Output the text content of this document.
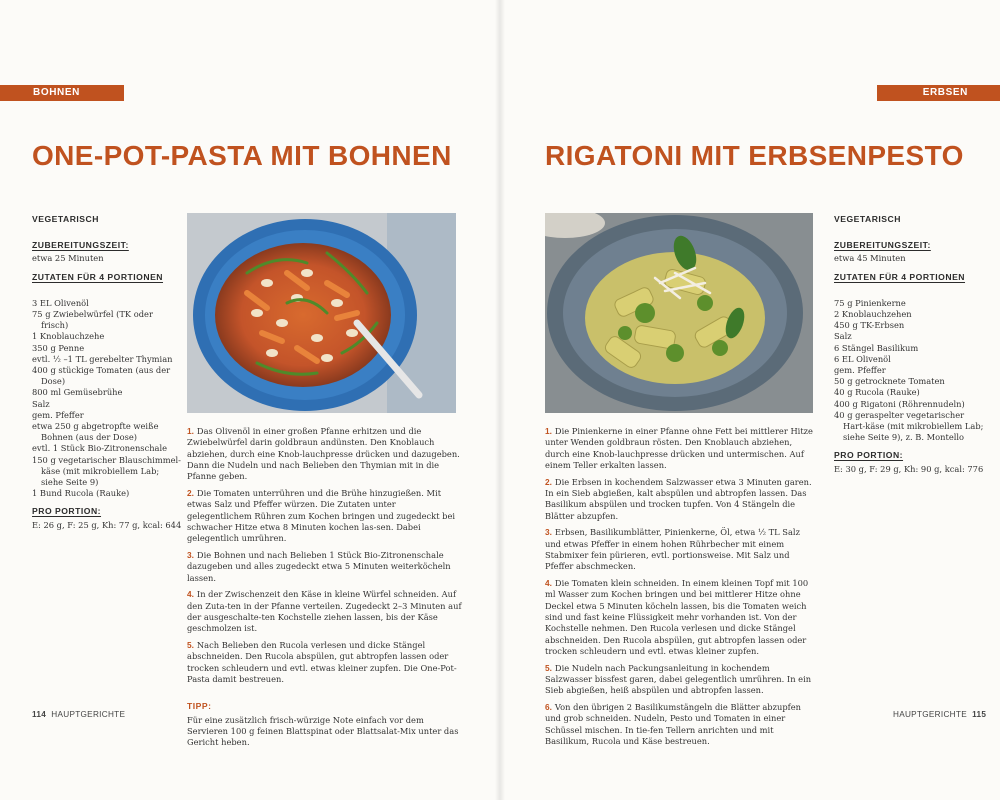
BOHNEN
ONE-POT-PASTA MIT BOHNEN
VEGETARISCH
ZUBEREITUNGSZEIT:
etwa 25 Minuten
ZUTATEN FÜR 4 PORTIONEN
3 EL Olivenöl
75 g Zwiebelwürfel (TK oder frisch)
1 Knoblauchzehe
350 g Penne
evtl. ½ –1 TL gerebelter Thymian
400 g stückige Tomaten (aus der Dose)
800 ml Gemüsebrühe
Salz
gem. Pfeffer
etwa 250 g abgetropfte weiße Bohnen (aus der Dose)
evtl. 1 Stück Bio-Zitronenschale
150 g vegetarischer Blauschimmel-käse (mit mikrobiellem Lab; siehe Seite 9)
1 Bund Rucola (Rauke)
PRO PORTION:
E: 26 g, F: 25 g, Kh: 77 g, kcal: 644

1. Das Olivenöl in einer großen Pfanne erhitzen und die Zwiebelwürfel darin goldbraun andünsten. Den Knoblauch abziehen, durch eine Knob-lauchpresse drücken und dazugeben. Dann die Nudeln und nach Belieben den Thymian mit in die Pfanne geben.

2. Die Tomaten unterrühren und die Brühe hinzugießen. Mit etwas Salz und Pfeffer würzen. Die Zutaten unter gelegentlichem Rühren zum Kochen bringen und zugedeckt bei schwacher Hitze etwa 8 Minuten kochen las-sen. Dabei gelegentlich umrühren.

3. Die Bohnen und nach Belieben 1 Stück Bio-Zitronenschale dazugeben und alles zugedeckt etwa 5 Minuten weiterköcheln lassen.

4. In der Zwischenzeit den Käse in kleine Würfel schneiden. Auf den Zuta-ten in der Pfanne verteilen. Zugedeckt 2–3 Minuten auf der ausgeschalte-ten Kochstelle ziehen lassen, bis der Käse geschmolzen ist.

5. Nach Belieben den Rucola verlesen und dicke Stängel abschneiden. Den Rucola abspülen, gut abtropfen lassen oder trocken schleudern und evtl. etwas kleiner zupfen. Die One-Pot-Pasta damit bestreuen.

TIPP:
Für eine zusätzlich frisch-würzige Note einfach vor dem Servieren 100 g feinen Blattspinat oder Blattsalat-Mix unter das Gericht heben.
114 HAUPTGERICHTE
ERBSEN
RIGATONI MIT ERBSENPESTO

1. Die Pinienkerne in einer Pfanne ohne Fett bei mittlerer Hitze unter Wenden goldbraun rösten. Den Knoblauch abziehen, durch eine Knob-lauchpresse drücken und untermischen. Auf einem Teller erkalten lassen.

2. Die Erbsen in kochendem Salzwasser etwa 3 Minuten garen. In ein Sieb abgießen, kalt abspülen und abtropfen lassen. Das Basilikum abspülen und trocken tupfen. Von 4 Stängeln die Blätter abzupfen.

3. Erbsen, Basilikumblätter, Pinienkerne, Öl, etwa ½ TL Salz und etwas Pfeffer in einem hohen Rührbecher mit einem Stabmixer fein pürieren, evtl. portionsweise. Mit Salz und Pfeffer abschmecken.

4. Die Tomaten klein schneiden. In einem kleinen Topf mit 100 ml Wasser zum Kochen bringen und bei mittlerer Hitze ohne Deckel etwa 5 Minuten köcheln lassen, bis die Tomaten weich sind und fast keine Flüssigkeit mehr vorhanden ist. Von der Kochstelle nehmen. Den Rucola verlesen und dicke Stängel abschneiden. Den Rucola abspülen, gut abtropfen lassen oder trocken schleudern und evtl. etwas kleiner zupfen.

5. Die Nudeln nach Packungsanleitung in kochendem Salzwasser bissfest garen, dabei gelegentlich umrühren. In ein Sieb abgießen, heiß abspülen und abtropfen lassen.

6. Von den übrigen 2 Basilikumstängeln die Blätter abzupfen und grob schneiden. Nudeln, Pesto und Tomaten in einer Schüssel mischen. In tie-fen Tellern anrichten und mit Basilikum, Rucola und Käse bestreuen.

VEGETARISCH
ZUBEREITUNGSZEIT:
etwa 45 Minuten
ZUTATEN FÜR 4 PORTIONEN
75 g Pinienkerne
2 Knoblauchzehen
450 g TK-Erbsen
Salz
6 Stängel Basilikum
6 EL Olivenöl
gem. Pfeffer
50 g getrocknete Tomaten
40 g Rucola (Rauke)
400 g Rigatoni (Röhrennudeln)
40 g geraspelter vegetarischer Hart-käse (mit mikrobiellem Lab; siehe Seite 9), z. B. Montello
PRO PORTION:
E: 30 g, F: 29 g, Kh: 90 g, kcal: 776
HAUPTGERICHTE 115
